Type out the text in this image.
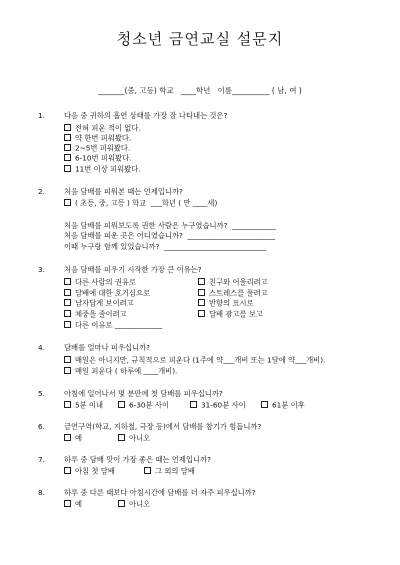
청소년 금연교실 설문지
_______(중, 고등) 학교   ____학년   이름__________ ( 남, 여 )
1.	다음 중 귀하의 흡연 상태를 가장 잘 나타내는 것은?
전혀 피운 적이 없다.
약 한번 피워봤다.
2~5번 피워봤다.
6-10번 피워봤다.
11번 이상 피워봤다.
2.	처음 담배를 피워본 때는 언제입니까?
( 초등, 중, 고등 ) 학교  ___학년 ( 만 ____세)
처음 담배를 피워보도록 권한 사람은 누구였습니까?  ____________
처음 담배를 피운 곳은 어디였습니까?  ________________________
이때 누구랑 함께 있었습니까?  ____________________________
3.	처음 담배를 피우기 시작한 가장 큰 이유는?
다른 사람의 권유로
담배에 대한 호기심으로
남자답게 보이려고
체중을 줄이려고
다른 이유로 _____________
친구와 어울리려고
스트레스를 풀려고
반항의 표시로
담배 광고를 보고
4.	담배를 얼마나 피우십니까?
매일은 아니지만, 규칙적으로 피운다 (1주에 약___개비 또는 1달에 약___개비).
매일 피운다 ( 하루에 ____개비).
5.	아침에 일어나서 몇 분만에 첫 담배를 피우십니까?
5분 이내	6-30분 사이	31-60분 사이	61분 이후
6.	금연구역(학교, 지하철, 극장 등)에서 담배를 참기가 힘듭니까?
예	아니오
7.	하루 중 담배 맛이 가장 좋은 때는 언제입니까?
아침 첫 담배	그 외의 담배
8.	하루 중 다른 때보다 아침시간에 담배를 더 자주 피우십니까?
예	아니오
